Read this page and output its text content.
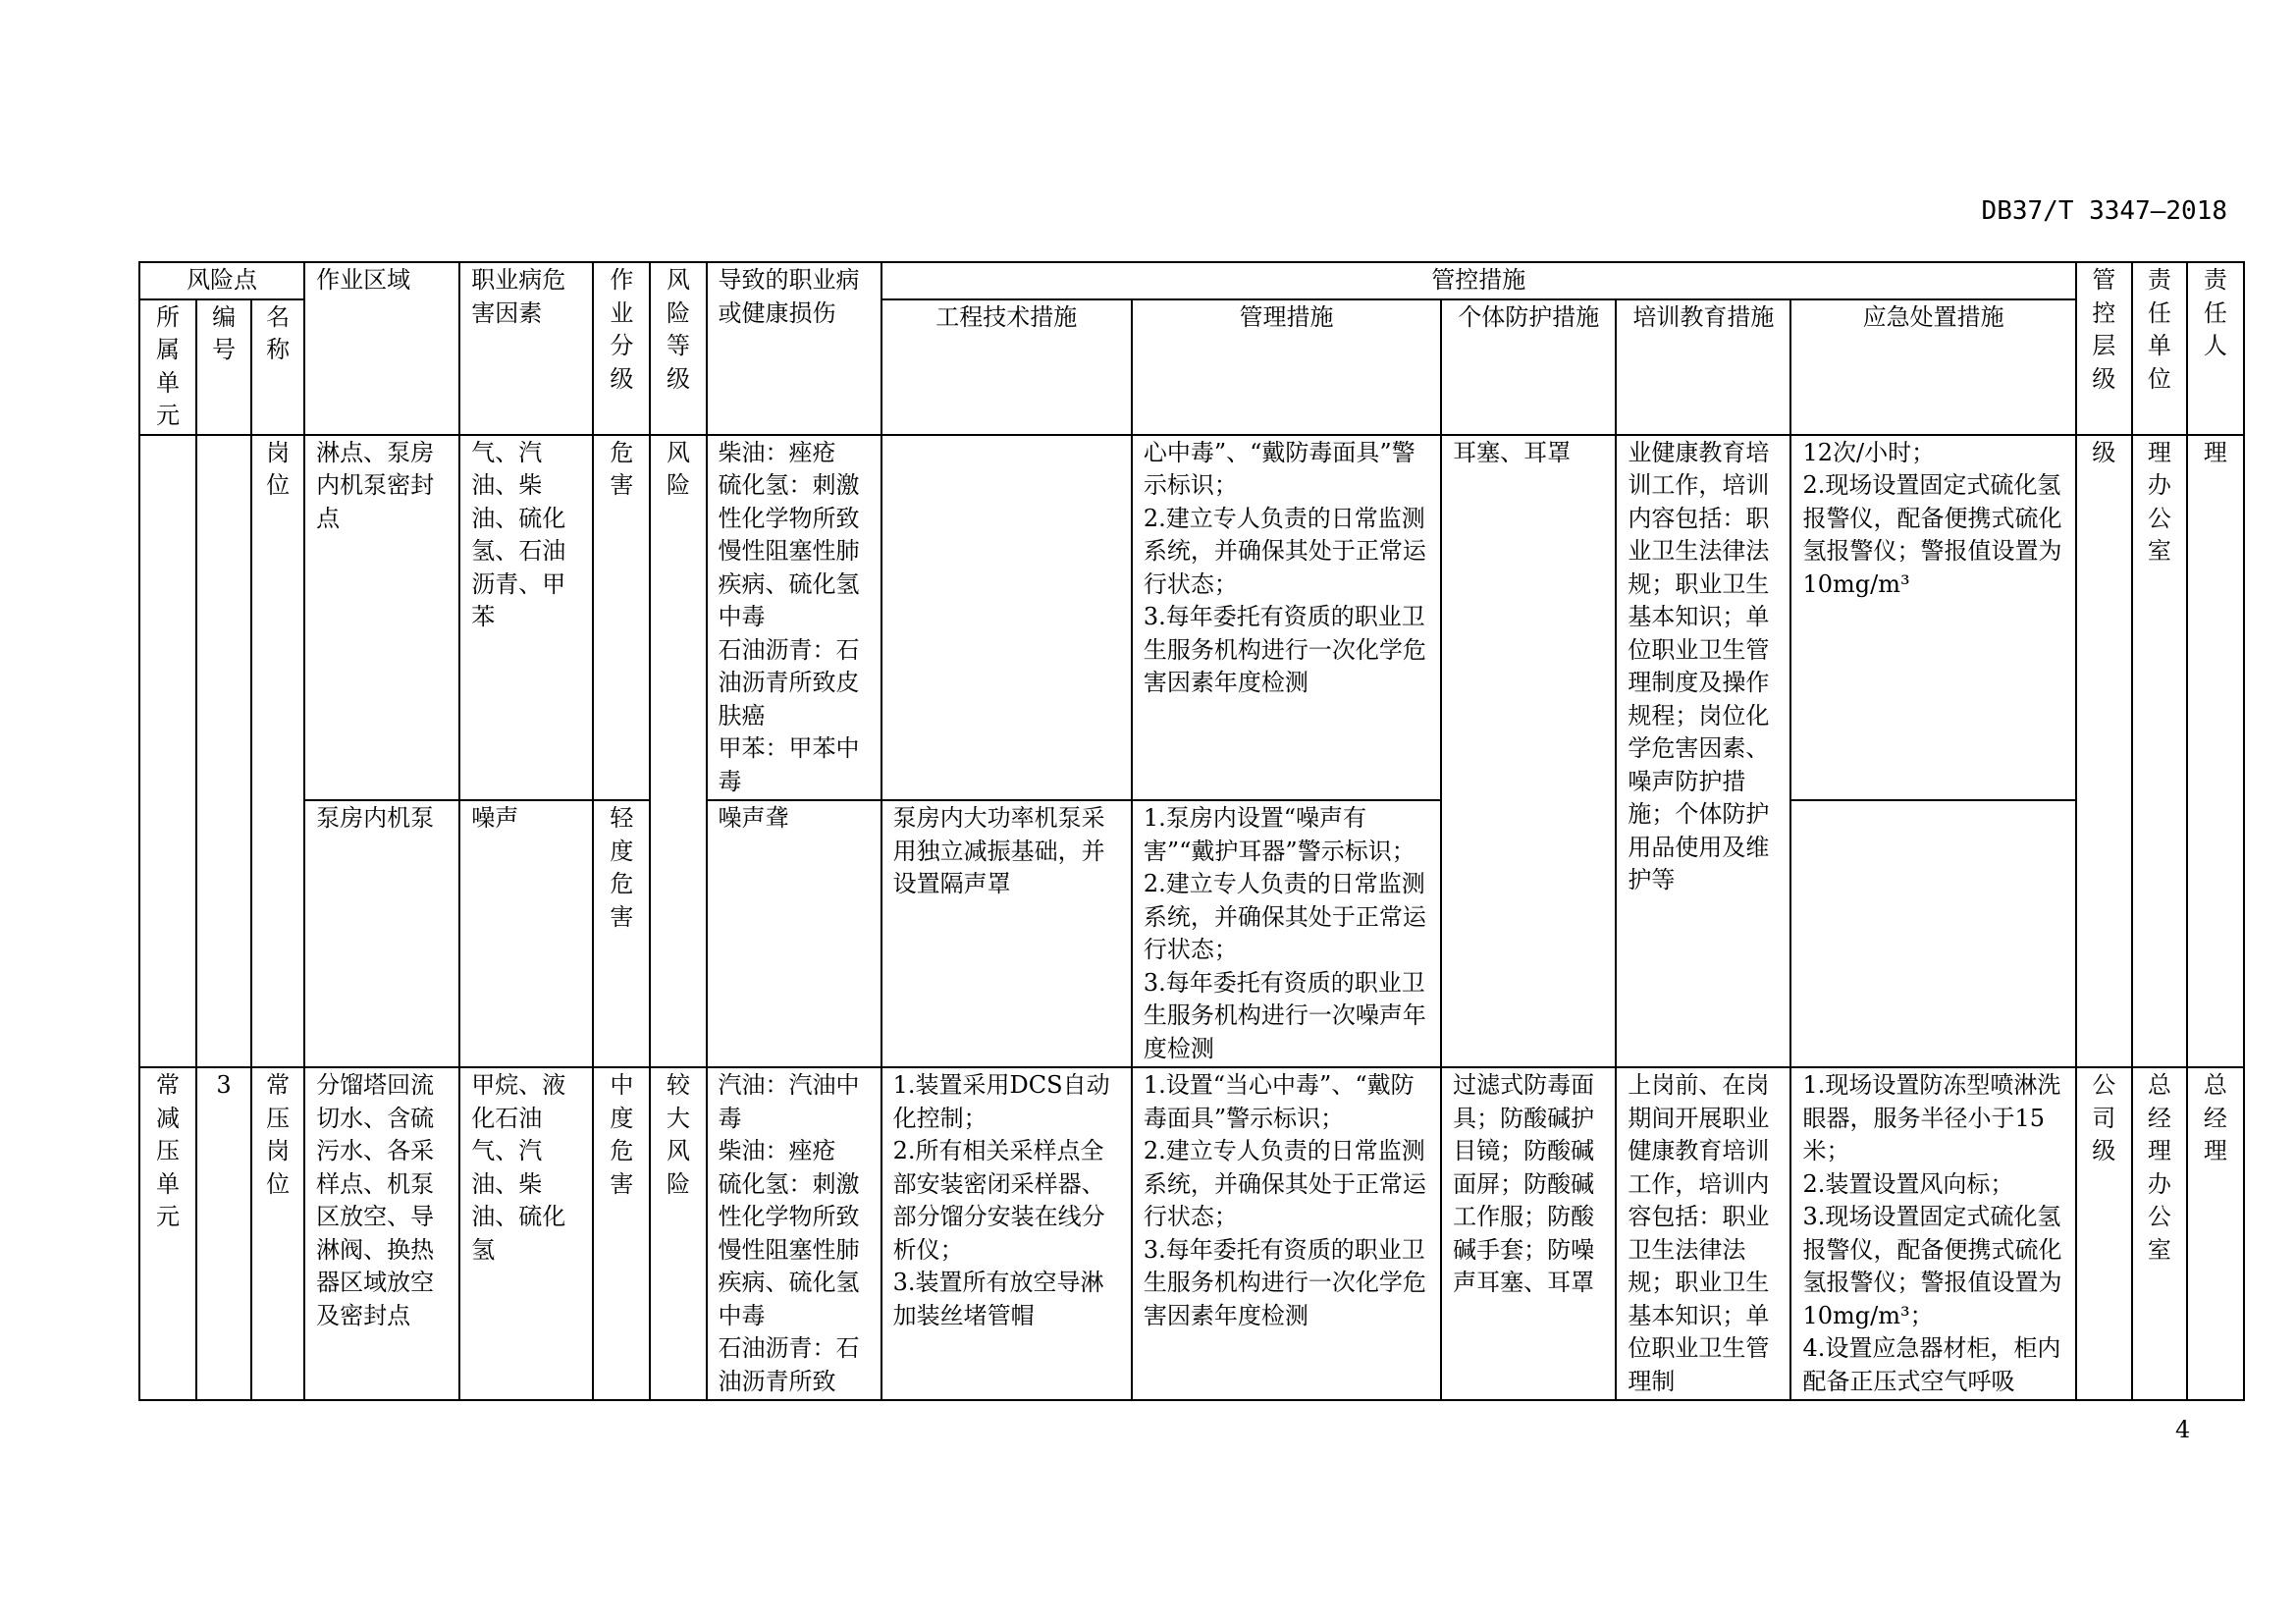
DB37/T 3347—2018
风险点			作业区域	职业病危害因素	作业分级	风险等级	导致的职业病或健康损伤	管控措施					管控层级	责任单位	责任人
所属单元	编号	名称						工程技术措施	管理措施	个体防护措施	培训教育措施	应急处置措施			
		岗位	淋点、泵房内机泵密封点	气、汽油、柴油、硫化氢、石油沥青、甲苯	危害	风险	柴油：痤疮
硫化氢：刺激性化学物所致慢性阻塞性肺疾病、硫化氢中毒
石油沥青：石油沥青所致皮肤癌
甲苯：甲苯中毒		心中毒”、“戴防毒面具”警示标识；
2.建立专人负责的日常监测系统，并确保其处于正常运行状态；
3.每年委托有资质的职业卫生服务机构进行一次化学危害因素年度检测	耳塞、耳罩	业健康教育培训工作，培训内容包括：职业卫生法律法规；职业卫生基本知识；单位职业卫生管理制度及操作规程；岗位化学危害因素、噪声防护措施；个体防护用品使用及维护等	12次/小时；
2.现场设置固定式硫化氢报警仪，配备便携式硫化氢报警仪；警报值设置为10mg/m³	级	理办公室	理
			泵房内机泵	噪声	轻度危害		噪声聋	泵房内大功率机泵采用独立减振基础，并设置隔声罩	1.泵房内设置“噪声有害”“戴护耳器”警示标识；
2.建立专人负责的日常监测系统，并确保其处于正常运行状态；
3.每年委托有资质的职业卫生服务机构进行一次噪声年度检测						
常减压单元	3	常压岗位	分馏塔回流切水、含硫污水、各采样点、机泵区放空、导淋阀、换热器区域放空及密封点	甲烷、液化石油气、汽油、柴油、硫化氢	中度危害	较大风险	汽油：汽油中毒
柴油：痤疮
硫化氢：刺激性化学物所致慢性阻塞性肺疾病、硫化氢中毒
石油沥青：石油沥青所致	1.装置采用DCS自动化控制；
2.所有相关采样点全部安装密闭采样器、部分馏分安装在线分析仪；
3.装置所有放空导淋加装丝堵管帽	1.设置“当心中毒”、“戴防毒面具”警示标识；
2.建立专人负责的日常监测系统，并确保其处于正常运行状态；
3.每年委托有资质的职业卫生服务机构进行一次化学危害因素年度检测	过滤式防毒面具；防酸碱护目镜；防酸碱面屏；防酸碱工作服；防酸碱手套；防噪声耳塞、耳罩	上岗前、在岗期间开展职业健康教育培训工作，培训内容包括：职业卫生法律法规；职业卫生基本知识；单位职业卫生管理制	1.现场设置防冻型喷淋洗眼器，服务半径小于15米；
2.装置设置风向标；
3.现场设置固定式硫化氢报警仪，配备便携式硫化氢报警仪；警报值设置为10mg/m³；
4.设置应急器材柜，柜内配备正压式空气呼吸	公司级	总经理办公室	总经理
4
